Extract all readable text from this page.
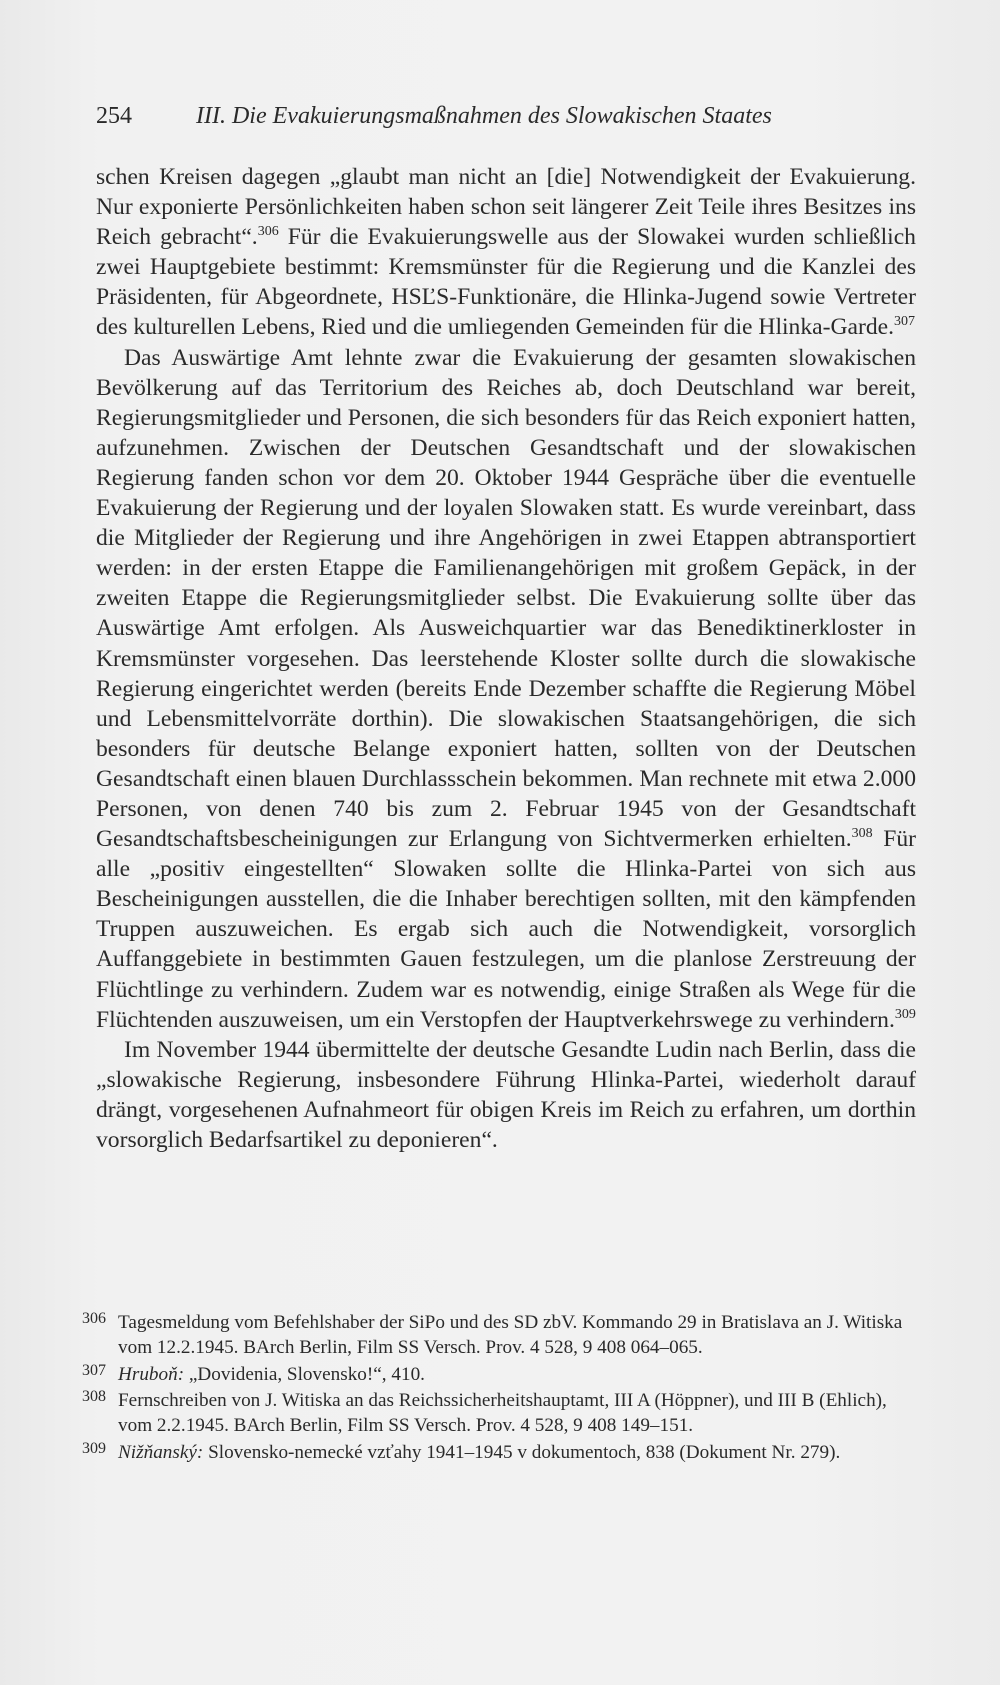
254	III. Die Evakuierungsmaßnahmen des Slowakischen Staates

schen Kreisen dagegen „glaubt man nicht an [die] Notwendigkeit der Evakuierung. Nur exponierte Persönlichkeiten haben schon seit längerer Zeit Teile ihres Besitzes ins Reich gebracht“.$^{306}$ Für die Evakuierungswelle aus der Slowakei wurden schließlich zwei Hauptgebiete bestimmt: Kremsmünster für die Regierung und die Kanzlei des Präsidenten, für Abgeordnete, HSĽS-Funktionäre, die Hlinka-Jugend sowie Vertreter des kulturellen Lebens, Ried und die umliegenden Gemeinden für die Hlinka-Garde.$^{307}$

Das Auswärtige Amt lehnte zwar die Evakuierung der gesamten slowakischen Bevölkerung auf das Territorium des Reiches ab, doch Deutschland war bereit, Regierungsmitglieder und Personen, die sich besonders für das Reich exponiert hatten, aufzunehmen. Zwischen der Deutschen Gesandtschaft und der slowakischen Regierung fanden schon vor dem 20. Oktober 1944 Gespräche über die eventuelle Evakuierung der Regierung und der loyalen Slowaken statt. Es wurde vereinbart, dass die Mitglieder der Regierung und ihre Angehörigen in zwei Etappen abtransportiert werden: in der ersten Etappe die Familienangehörigen mit großem Gepäck, in der zweiten Etappe die Regierungsmitglieder selbst. Die Evakuierung sollte über das Auswärtige Amt erfolgen. Als Ausweichquartier war das Benediktinerkloster in Kremsmünster vorgesehen. Das leerstehende Kloster sollte durch die slowakische Regierung eingerichtet werden (bereits Ende Dezember schaffte die Regierung Möbel und Lebensmittelvorräte dorthin). Die slowakischen Staatsangehörigen, die sich besonders für deutsche Belange exponiert hatten, sollten von der Deutschen Gesandtschaft einen blauen Durchlassschein bekommen. Man rechnete mit etwa 2.000 Personen, von denen 740 bis zum 2. Februar 1945 von der Gesandtschaft Gesandtschaftsbescheinigungen zur Erlangung von Sichtvermerken erhielten.$^{308}$ Für alle „positiv eingestellten“ Slowaken sollte die Hlinka-Partei von sich aus Bescheinigungen ausstellen, die die Inhaber berechtigen sollten, mit den kämpfenden Truppen auszuweichen. Es ergab sich auch die Notwendigkeit, vorsorglich Auffanggebiete in bestimmten Gauen festzulegen, um die planlose Zerstreuung der Flüchtlinge zu verhindern. Zudem war es notwendig, einige Straßen als Wege für die Flüchtenden auszuweisen, um ein Verstopfen der Hauptverkehrswege zu verhindern.$^{309}$

Im November 1944 übermittelte der deutsche Gesandte Ludin nach Berlin, dass die „slowakische Regierung, insbesondere Führung Hlinka-Partei, wiederholt darauf drängt, vorgesehenen Aufnahmeort für obigen Kreis im Reich zu erfahren, um dorthin vorsorglich Bedarfsartikel zu deponieren“.

306 Tagesmeldung vom Befehlshaber der SiPo und des SD zbV. Kommando 29 in Bratislava an J. Witiska vom 12.2.1945. BArch Berlin, Film SS Versch. Prov. 4 528, 9 408 064–065.
307 Hruboň: „Dovidenia, Slovensko!“, 410.
308 Fernschreiben von J. Witiska an das Reichssicherheitshauptamt, III A (Höppner), und III B (Ehlich), vom 2.2.1945. BArch Berlin, Film SS Versch. Prov. 4 528, 9 408 149–151.
309 Nižňanský: Slovensko-nemecké vzťahy 1941–1945 v dokumentoch, 838 (Dokument Nr. 279).
